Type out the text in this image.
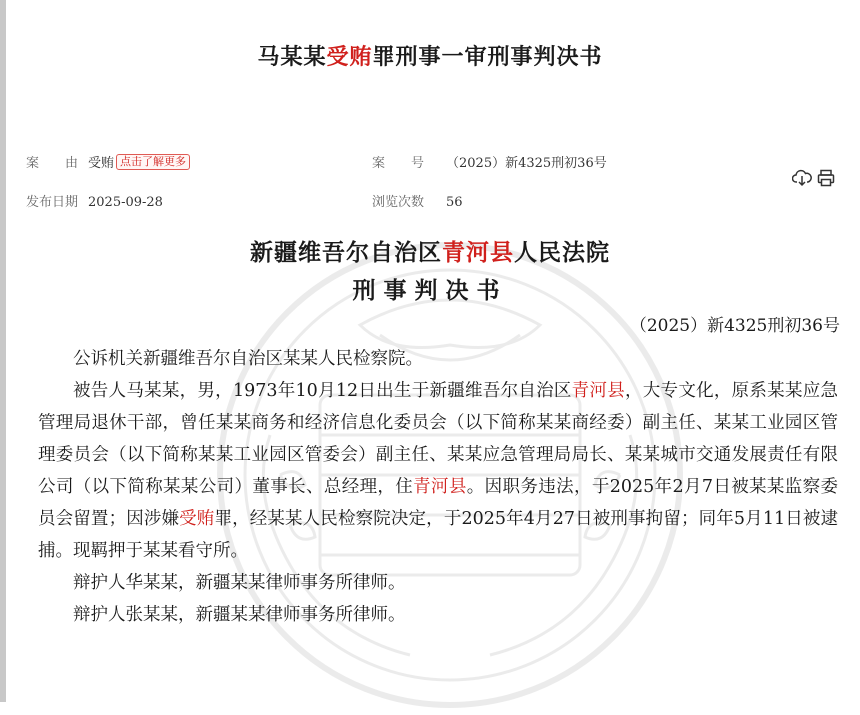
马某某受贿罪刑事一审刑事判决书
案　　由 受贿 点击了解更多	案　　号 （2025）新4325刑初36号
发布日期 2025-09-28	浏览次数 56
新疆维吾尔自治区青河县人民法院
刑事判决书
（2025）新4325刑初36号

公诉机关新疆维吾尔自治区某某人民检察院。

被告人马某某，男，1973年10月12日出生于新疆维吾尔自治区青河县，大专文化，原系某某应急管理局退休干部，曾任某某商务和经济信息化委员会（以下简称某某商经委）副主任、某某工业园区管理委员会（以下简称某某工业园区管委会）副主任、某某应急管理局局长、某某城市交通发展责任有限公司（以下简称某某公司）董事长、总经理，住青河县。因职务违法，于2025年2月7日被某某监察委员会留置；因涉嫌受贿罪，经某某人民检察院决定，于2025年4月27日被刑事拘留；同年5月11日被逮捕。现羁押于某某看守所。

辩护人华某某，新疆某某律师事务所律师。

辩护人张某某，新疆某某律师事务所律师。
